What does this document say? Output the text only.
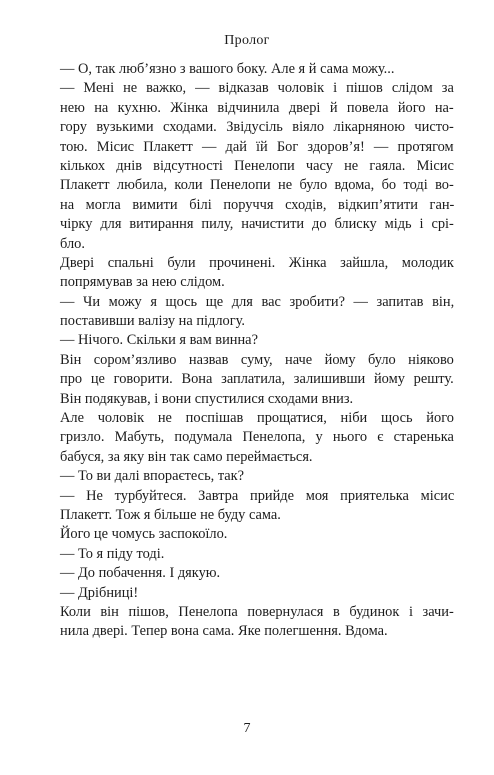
Пролог

— О, так люб’язно з вашого боку. Але я й сама можу...

— Мені не важко, — відказав чоловік і пішов слідом за
нею на кухню. Жінка відчинила двері й повела його на-
гору вузькими сходами. Звідусіль віяло лікарняною чисто-
тою. Місис Плакетт — дай їй Бог здоров’я! — протягом
кількох днів відсутності Пенелопи часу не гаяла. Місис
Плакетт любила, коли Пенелопи не було вдома, бо тоді во-
на могла вимити білі поруччя сходів, відкип’ятити ган-
чірку для витирання пилу, начистити до блиску мідь і срі-
бло.

Двері спальні були прочинені. Жінка зайшла, молодик
попрямував за нею слідом.

— Чи можу я щось ще для вас зробити? — запитав він,
поставивши валізу на підлогу.

— Нічого. Скільки я вам винна?

Він сором’язливо назвав суму, наче йому було ніяково
про це говорити. Вона заплатила, залишивши йому решту.
Він подякував, і вони спустилися сходами вниз.

Але чоловік не поспішав прощатися, ніби щось його
гризло. Мабуть, подумала Пенелопа, у нього є старенька
бабуся, за яку він так само переймається.

— То ви далі впораєтесь, так?

— Не турбуйтеся. Завтра прийде моя приятелька місис
Плакетт. Тож я більше не буду сама.

Його це чомусь заспокоїло.

— То я піду тоді.

— До побачення. І дякую.

— Дрібниці!

Коли він пішов, Пенелопа повернулася в будинок і зачи-
нила двері. Тепер вона сама. Яке полегшення. Вдома.

7
